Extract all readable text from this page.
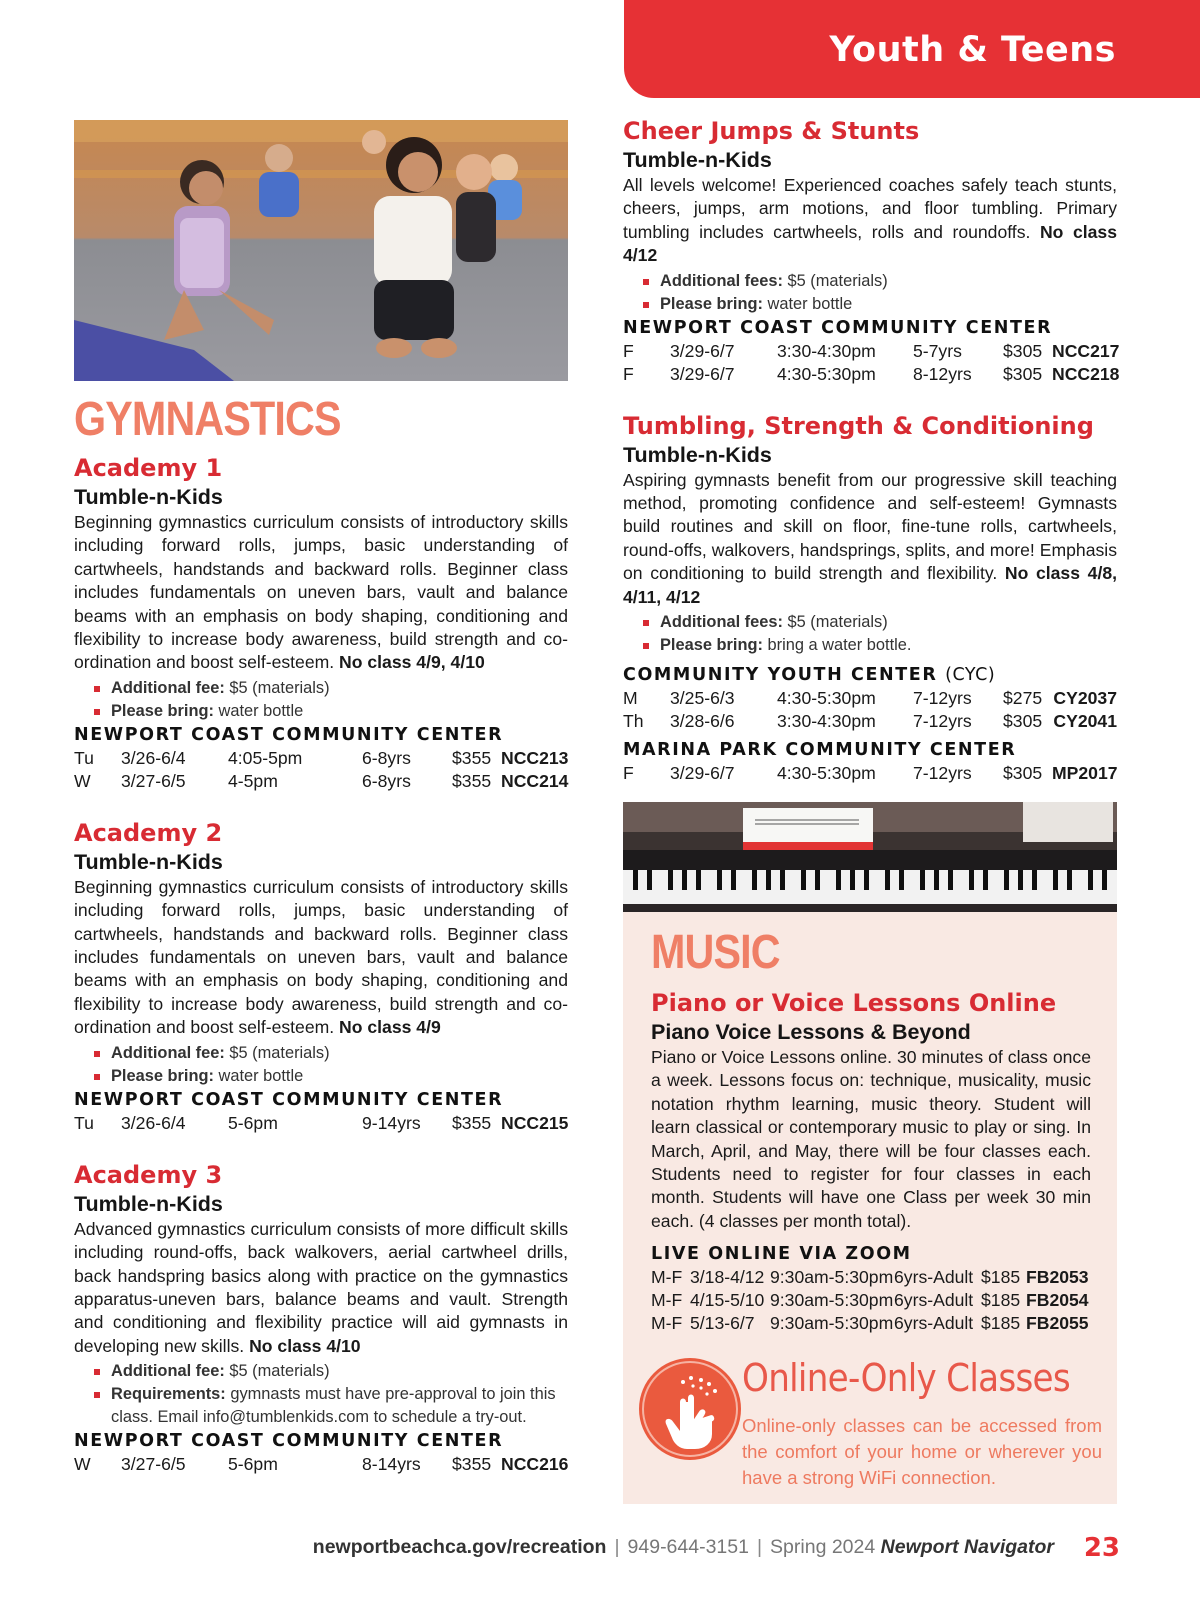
Youth & Teens
GYMNASTICS
Academy 1
Tumble-n-Kids

Beginning gymnastics curriculum consists of introductory skills including forward rolls, jumps, basic understanding of cartwheels, handstands and backward rolls. Beginner class includes fundamentals on uneven bars, vault and balance beams with an emphasis on body shaping, conditioning and flexibility to increase body awareness, build strength and co-ordination and boost self-esteem. No class 4/9, 4/10

Additional fee: $5 (materials)
Please bring: water bottle
NEWPORT COAST COMMUNITY CENTER
Tu	3/26-6/4	4:05-5pm	6-8yrs	$355 NCC213
W	3/27-6/5	4-5pm	6-8yrs	$355 NCC214
Academy 2
Tumble-n-Kids

Beginning gymnastics curriculum consists of introductory skills including forward rolls, jumps, basic understanding of cartwheels, handstands and backward rolls. Beginner class includes fundamentals on uneven bars, vault and balance beams with an emphasis on body shaping, conditioning and flexibility to increase body awareness, build strength and co-ordination and boost self-esteem. No class 4/9

Additional fee: $5 (materials)
Please bring: water bottle
NEWPORT COAST COMMUNITY CENTER
Tu	3/26-6/4	5-6pm	9-14yrs	$355 NCC215
Academy 3
Tumble-n-Kids

Advanced gymnastics curriculum consists of more difficult skills including round-offs, back walkovers, aerial cartwheel drills, back handspring basics along with practice on the gymnastics apparatus-uneven bars, balance beams and vault. Strength and conditioning and flexibility practice will aid gymnasts in developing new skills. No class 4/10

Additional fee: $5 (materials)
Requirements: gymnasts must have pre-approval to join this class. Email info@tumblenkids.com to schedule a try-out.
NEWPORT COAST COMMUNITY CENTER
W	3/27-6/5	5-6pm	8-14yrs	$355 NCC216
Cheer Jumps & Stunts
Tumble-n-Kids

All levels welcome! Experienced coaches safely teach stunts, cheers, jumps, arm motions, and floor tumbling. Primary tumbling includes cartwheels, rolls and roundoffs. No class 4/12

Additional fees: $5 (materials)
Please bring: water bottle
NEWPORT COAST COMMUNITY CENTER
F	3/29-6/7	3:30-4:30pm	5-7yrs	$305 NCC217
F	3/29-6/7	4:30-5:30pm	8-12yrs	$305 NCC218
Tumbling, Strength & Conditioning
Tumble-n-Kids

Aspiring gymnasts benefit from our progressive skill teaching method, promoting confidence and self-esteem! Gymnasts build routines and skill on floor, fine-tune rolls, cartwheels, round-offs, walkovers, handsprings, splits, and more! Emphasis on conditioning to build strength and flexibility. No class 4/8, 4/11, 4/12

Additional fees: $5 (materials)
Please bring: bring a water bottle.
COMMUNITY YOUTH CENTER (CYC)
M	3/25-6/3	4:30-5:30pm	7-12yrs	$275 CY2037
Th	3/28-6/6	3:30-4:30pm	7-12yrs	$305 CY2041
MARINA PARK COMMUNITY CENTER
F	3/29-6/7	4:30-5:30pm	7-12yrs	$305 MP2017
MUSIC
Piano or Voice Lessons Online
Piano Voice Lessons & Beyond

Piano or Voice Lessons online. 30 minutes of class once a week. Lessons focus on: technique, musicality, music notation rhythm learning, music theory. Student will learn classical or contemporary music to play or sing. In March, April, and May, there will be four classes each. Students need to register for four classes in each month. Students will have one Class per week 30 min each. (4 classes per month total).

LIVE ONLINE VIA ZOOM
M-F 3/18-4/12 9:30am-5:30pm 6yrs-Adult $185 FB2053
M-F 4/15-5/10 9:30am-5:30pm 6yrs-Adult $185 FB2054
M-F 5/13-6/7 9:30am-5:30pm 6yrs-Adult $185 FB2055
Online-Only Classes
Online-only classes can be accessed from the comfort of your home or wherever you have a strong WiFi connection.
newportbeachca.gov/recreation | 949-644-3151 | Spring 2024 Newport Navigator 23
